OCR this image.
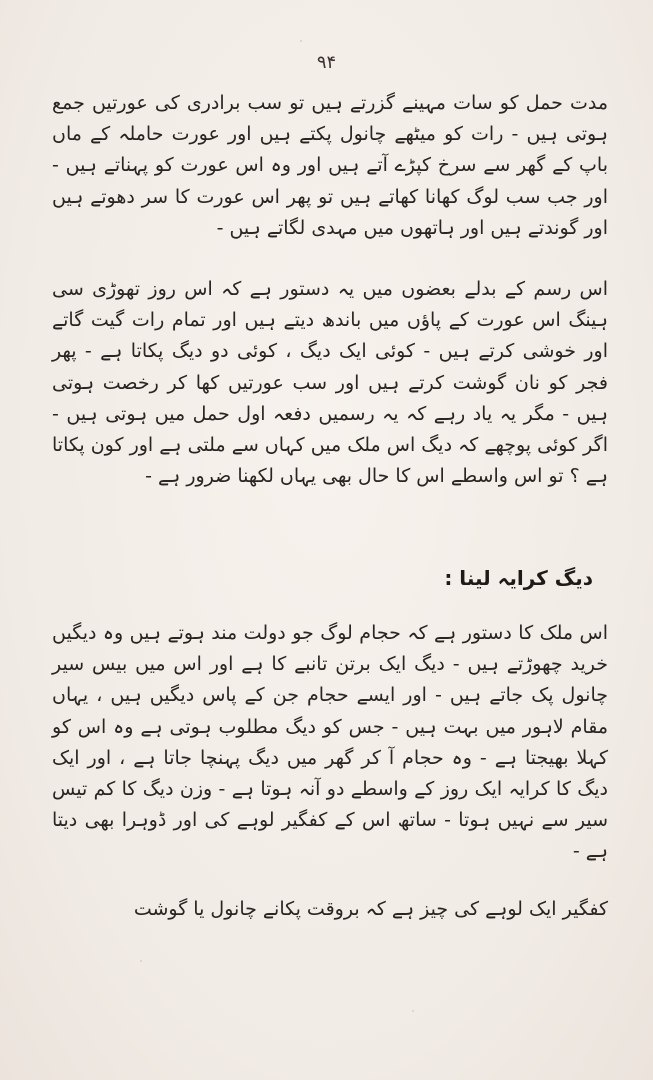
۹۴

مدت حمل کو سات مہینے گزرتے ہیں تو سب برادری کی عورتیں جمع ہوتی ہیں - رات کو میٹھے چانول پکتے ہیں اور عورت حاملہ کے ماں باپ کے گھر سے سرخ کپڑے آتے ہیں اور وہ اس عورت کو پہناتے ہیں - اور جب سب لوگ کھانا کھاتے ہیں تو پھر اس عورت کا سر دھوتے ہیں اور گوندتے ہیں اور ہاتھوں میں مہدی لگاتے ہیں -

اس رسم کے بدلے بعضوں میں یہ دستور ہے کہ اس روز تھوڑی سی ہینگ اس عورت کے پاؤں میں باندھ دیتے ہیں اور تمام رات گیت گاتے اور خوشی کرتے ہیں - کوئی ایک دیگ ، کوئی دو دیگ پکاتا ہے - پھر فجر کو نان گوشت کرتے ہیں اور سب عورتیں کھا کر رخصت ہوتی ہیں - مگر یہ یاد رہے کہ یہ رسمیں دفعہ اول حمل میں ہوتی ہیں - اگر کوئی پوچھے کہ دیگ اس ملک میں کہاں سے ملتی ہے اور کون پکاتا ہے ؟ تو اس واسطے اس کا حال بھی یہاں لکھنا ضرور ہے -

دیگ کرایہ لینا :

اس ملک کا دستور ہے کہ حجام لوگ جو دولت مند ہوتے ہیں وہ دیگیں خرید چھوڑتے ہیں - دیگ ایک برتن تانبے کا ہے اور اس میں بیس سیر چانول پک جاتے ہیں - اور ایسے حجام جن کے پاس دیگیں ہیں ، یہاں مقام لاہور میں بہت ہیں - جس کو دیگ مطلوب ہوتی ہے وہ اس کو کہلا بھیجتا ہے - وہ حجام آ کر گھر میں دیگ پہنچا جاتا ہے ، اور ایک دیگ کا کرایہ ایک روز کے واسطے دو آنہ ہوتا ہے - وزن دیگ کا کم تیس سیر سے نہیں ہوتا - ساتھ اس کے کفگیر لوہے کی اور ڈوہرا بھی دیتا ہے -

کفگیر ایک لوہے کی چیز ہے کہ بروقت پکانے چانول یا گوشت
